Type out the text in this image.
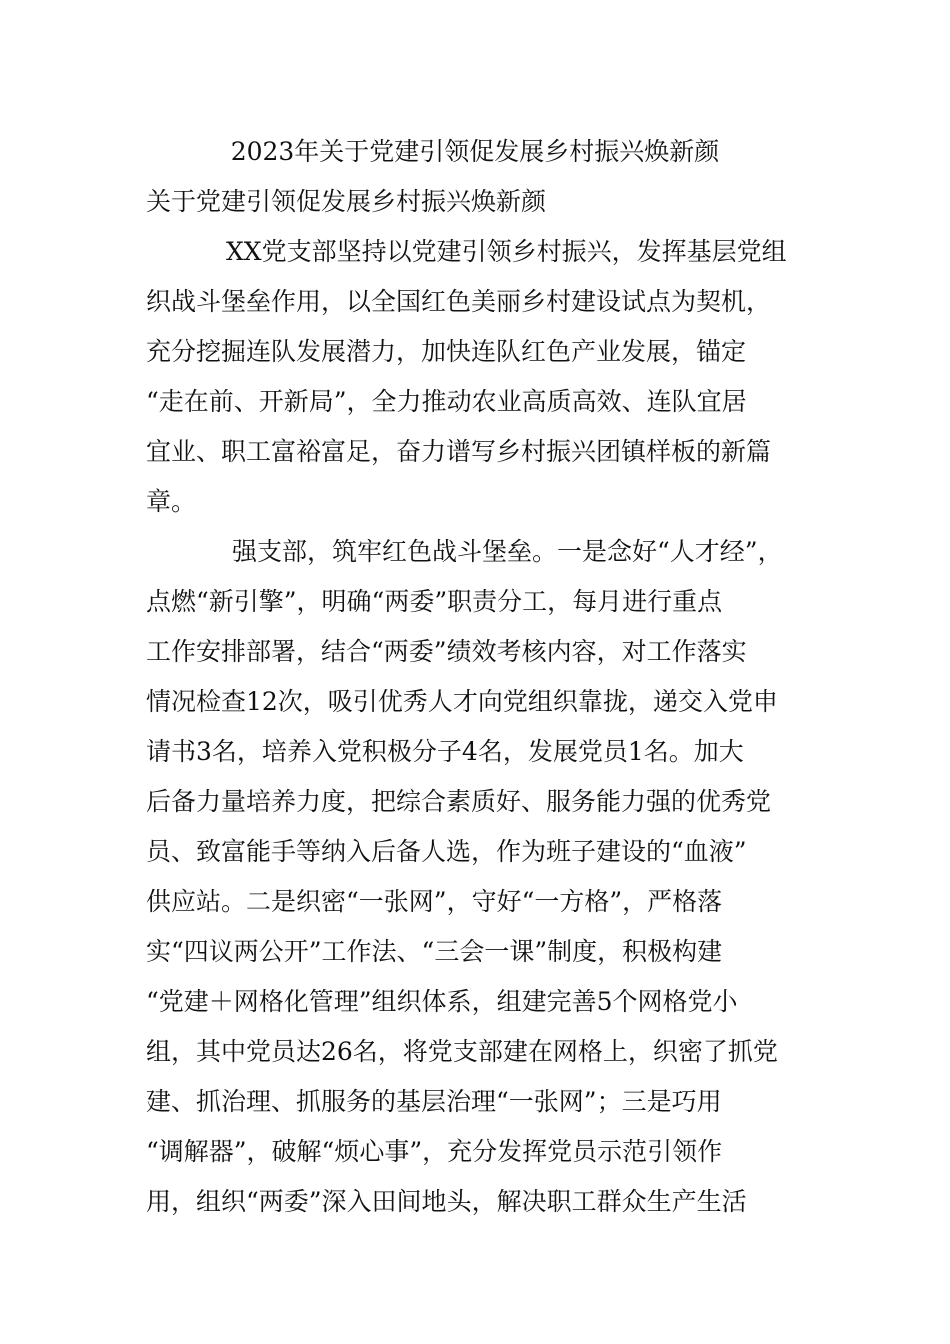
2023年关于党建引领促发展乡村振兴焕新颜
关于党建引领促发展乡村振兴焕新颜
XX党支部坚持以党建引领乡村振兴，发挥基层党组
织战斗堡垒作用，以全国红色美丽乡村建设试点为契机，
充分挖掘连队发展潜力，加快连队红色产业发展，锚定
“走在前、开新局”，全力推动农业高质高效、连队宜居
宜业、职工富裕富足，奋力谱写乡村振兴团镇样板的新篇
章。
强支部，筑牢红色战斗堡垒。一是念好“人才经”，
点燃“新引擎”，明确“两委”职责分工，每月进行重点
工作安排部署，结合“两委”绩效考核内容，对工作落实
情况检查12次，吸引优秀人才向党组织靠拢，递交入党申
请书3名，培养入党积极分子4名，发展党员1名。加大
后备力量培养力度，把综合素质好、服务能力强的优秀党
员、致富能手等纳入后备人选，作为班子建设的“血液”
供应站。二是织密“一张网”，守好“一方格”，严格落
实“四议两公开”工作法、“三会一课”制度，积极构建
“党建＋网格化管理”组织体系，组建完善5个网格党小
组，其中党员达26名，将党支部建在网格上，织密了抓党
建、抓治理、抓服务的基层治理“一张网”；三是巧用
“调解器”，破解“烦心事”，充分发挥党员示范引领作
用，组织“两委”深入田间地头，解决职工群众生产生活
